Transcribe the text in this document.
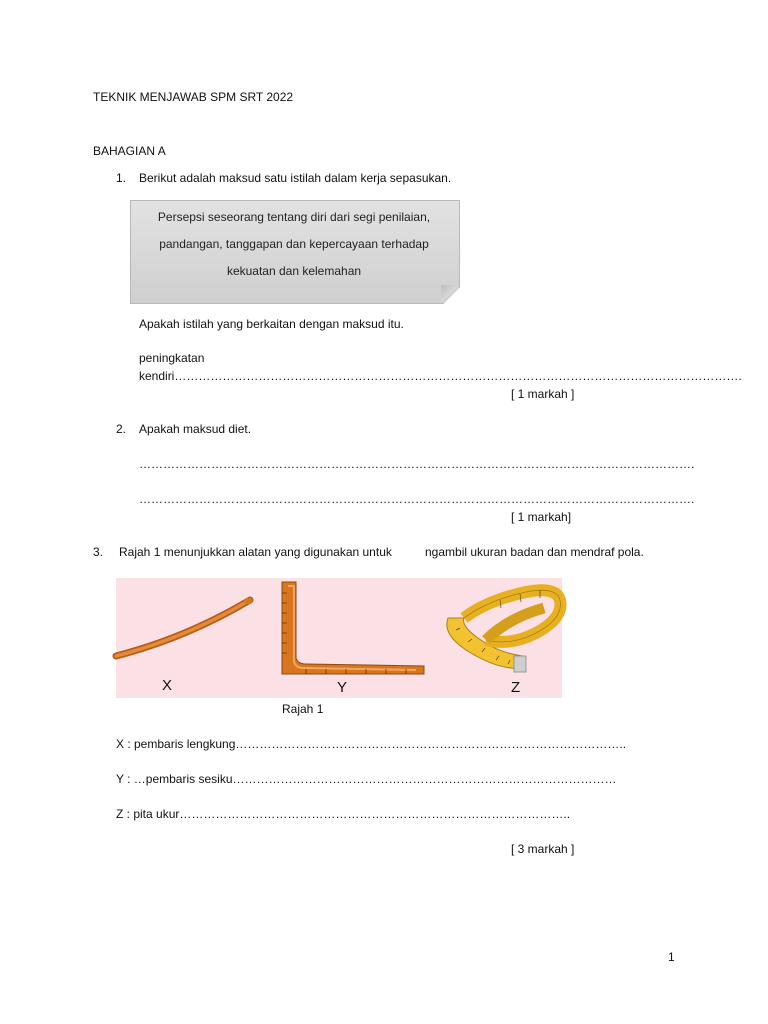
TEKNIK MENJAWAB SPM SRT 2022
BAHAGIAN A
1. Berikut adalah maksud satu istilah dalam kerja sepasukan.
Persepsi seseorang tentang diri dari segi penilaian,
pandangan, tanggapan dan kepercayaan terhadap
kekuatan dan kelemahan
Apakah istilah yang berkaitan dengan maksud itu.
peningkatan
kendiri…………………………………………………………………………………………………………………………….
[ 1 markah ]
2. Apakah maksud diet.
………………………………………………………………………………………………………………………….
………………………………………………………………………………………………………………………….
[ 1 markah]
3. Rajah 1 menunjukkan alatan yang digunakan untuk	ngambil ukuran badan dan mendraf pola.
X	Y	Z
Rajah 1
X : pembaris lengkung……………………………………………………………………………………..
Y : …pembaris sesiku……………………………………………………………………………………
Z : pita ukur……………………………………………………………………………………..
[ 3 markah ]
1
